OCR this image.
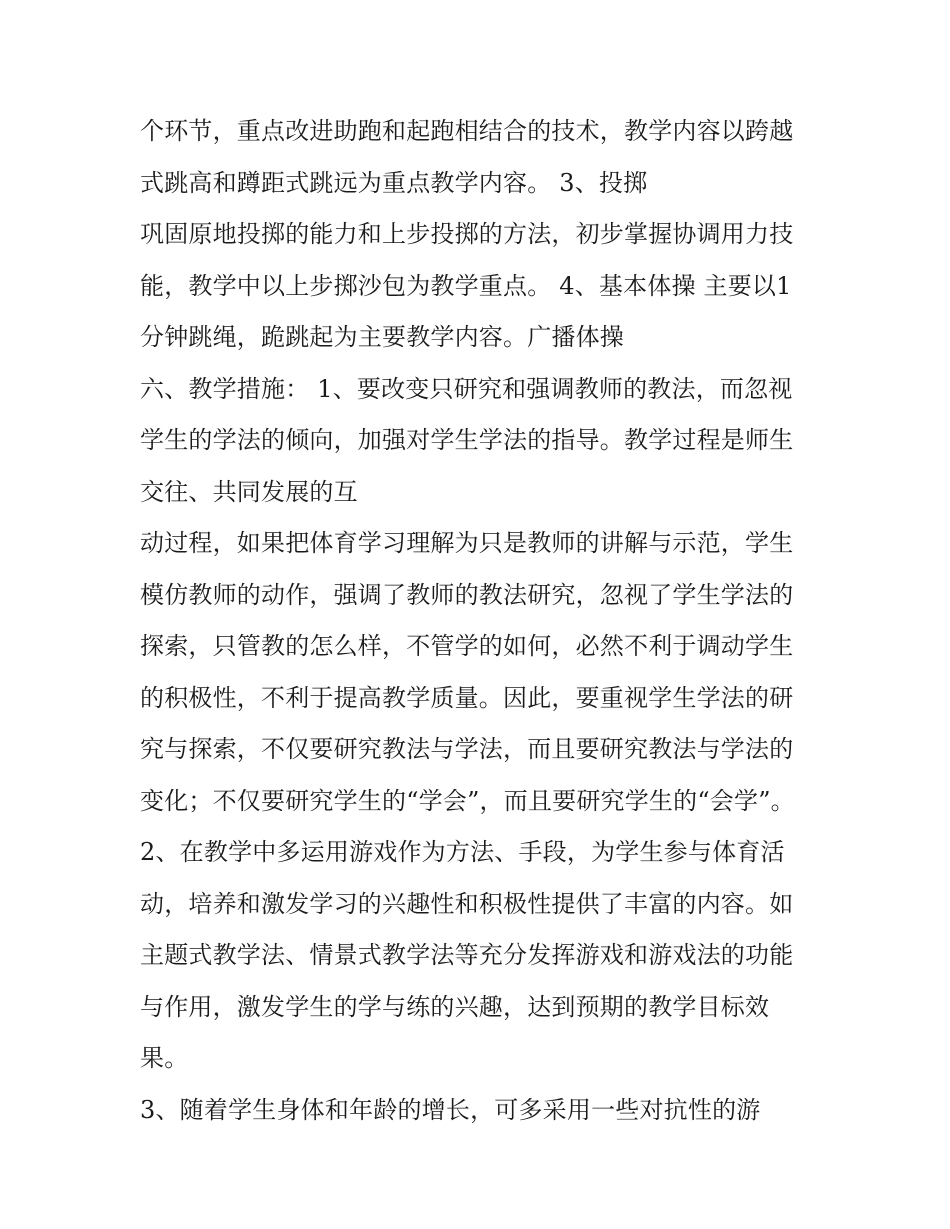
个环节，重点改进助跑和起跑相结合的技术，教学内容以跨越
式跳高和蹲距式跳远为重点教学内容。 3、投掷
巩固原地投掷的能力和上步投掷的方法，初步掌握协调用力技
能，教学中以上步掷沙包为教学重点。 4、基本体操 主要以1
分钟跳绳，跪跳起为主要教学内容。广播体操
六、教学措施： 1、要改变只研究和强调教师的教法，而忽视
学生的学法的倾向，加强对学生学法的指导。教学过程是师生
交往、共同发展的互
动过程，如果把体育学习理解为只是教师的讲解与示范，学生
模仿教师的动作，强调了教师的教法研究，忽视了学生学法的
探索，只管教的怎么样，不管学的如何，必然不利于调动学生
的积极性，不利于提高教学质量。因此，要重视学生学法的研
究与探索，不仅要研究教法与学法，而且要研究教法与学法的
变化；不仅要研究学生的“学会”，而且要研究学生的“会学”。
2、在教学中多运用游戏作为方法、手段，为学生参与体育活
动，培养和激发学习的兴趣性和积极性提供了丰富的内容。如
主题式教学法、情景式教学法等充分发挥游戏和游戏法的功能
与作用，激发学生的学与练的兴趣，达到预期的教学目标效
果。
3、随着学生身体和年龄的增长，可多采用一些对抗性的游
